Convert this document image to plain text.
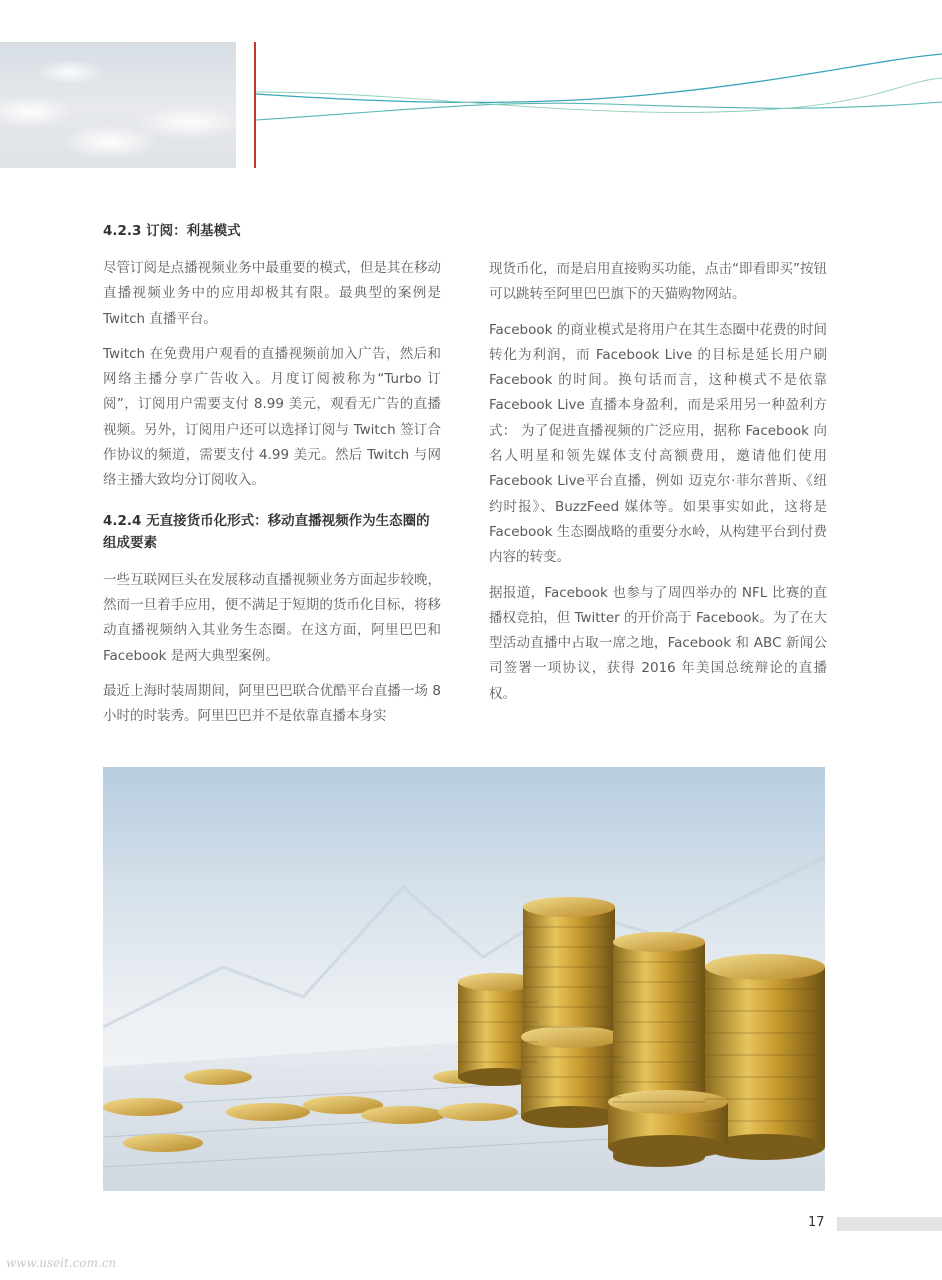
4.2.3 订阅：利基模式

尽管订阅是点播视频业务中最重要的模式，但是其在移动直播视频业务中的应用却极其有限。最典型的案例是 Twitch 直播平台。

Twitch 在免费用户观看的直播视频前加入广告，然后和网络主播分享广告收入。月度订阅被称为“Turbo 订阅”，订阅用户需要支付 8.99 美元，观看无广告的直播视频。另外，订阅用户还可以选择订阅与 Twitch 签订合作协议的频道，需要支付 4.99 美元。然后 Twitch 与网络主播大致均分订阅收入。

4.2.4 无直接货币化形式：移动直播视频作为生态圈的组成要素

一些互联网巨头在发展移动直播视频业务方面起步较晚，然而一旦着手应用，便不满足于短期的货币化目标，将移动直播视频纳入其业务生态圈。在这方面，阿里巴巴和 Facebook 是两大典型案例。

最近上海时装周期间，阿里巴巴联合优酷平台直播一场 8 小时的时装秀。阿里巴巴并不是依靠直播本身实

现货币化，而是启用直接购买功能，点击“即看即买”按钮可以跳转至阿里巴巴旗下的天猫购物网站。

Facebook 的商业模式是将用户在其生态圈中花费的时间转化为利润，而 Facebook Live 的目标是延长用户刷 Facebook 的时间。换句话而言，这种模式不是依靠 Facebook Live 直播本身盈利，而是采用另一种盈利方式： 为了促进直播视频的广泛应用，据称 Facebook 向名人明星和领先媒体支付高额费用，邀请他们使用Facebook Live平台直播，例如 迈克尔·菲尔普斯、《纽约时报》、BuzzFeed 媒体等。如果事实如此，这将是 Facebook 生态圈战略的重要分水岭，从构建平台到付费内容的转变。

据报道，Facebook 也参与了周四举办的 NFL 比赛的直播权竞拍，但 Twitter 的开价高于 Facebook。为了在大型活动直播中占取一席之地，Facebook 和 ABC 新闻公司签署一项协议，获得 2016 年美国总统辩论的直播权。

17
www.useit.com.cn
